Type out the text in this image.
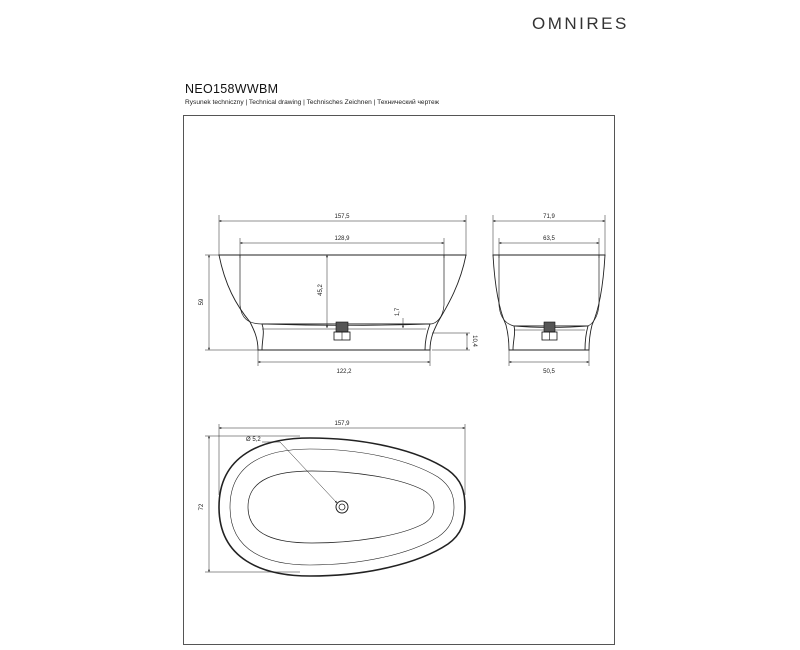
OMNIRES
NEO158WWBM
Rysunek techniczny | Technical drawing | Technisches Zeichnen | Технический чертеж
157,5
128,9
59
45,2
1,7
10,4
122,2
71,9
63,5
50,5
157,9
Ø 5,2
72
